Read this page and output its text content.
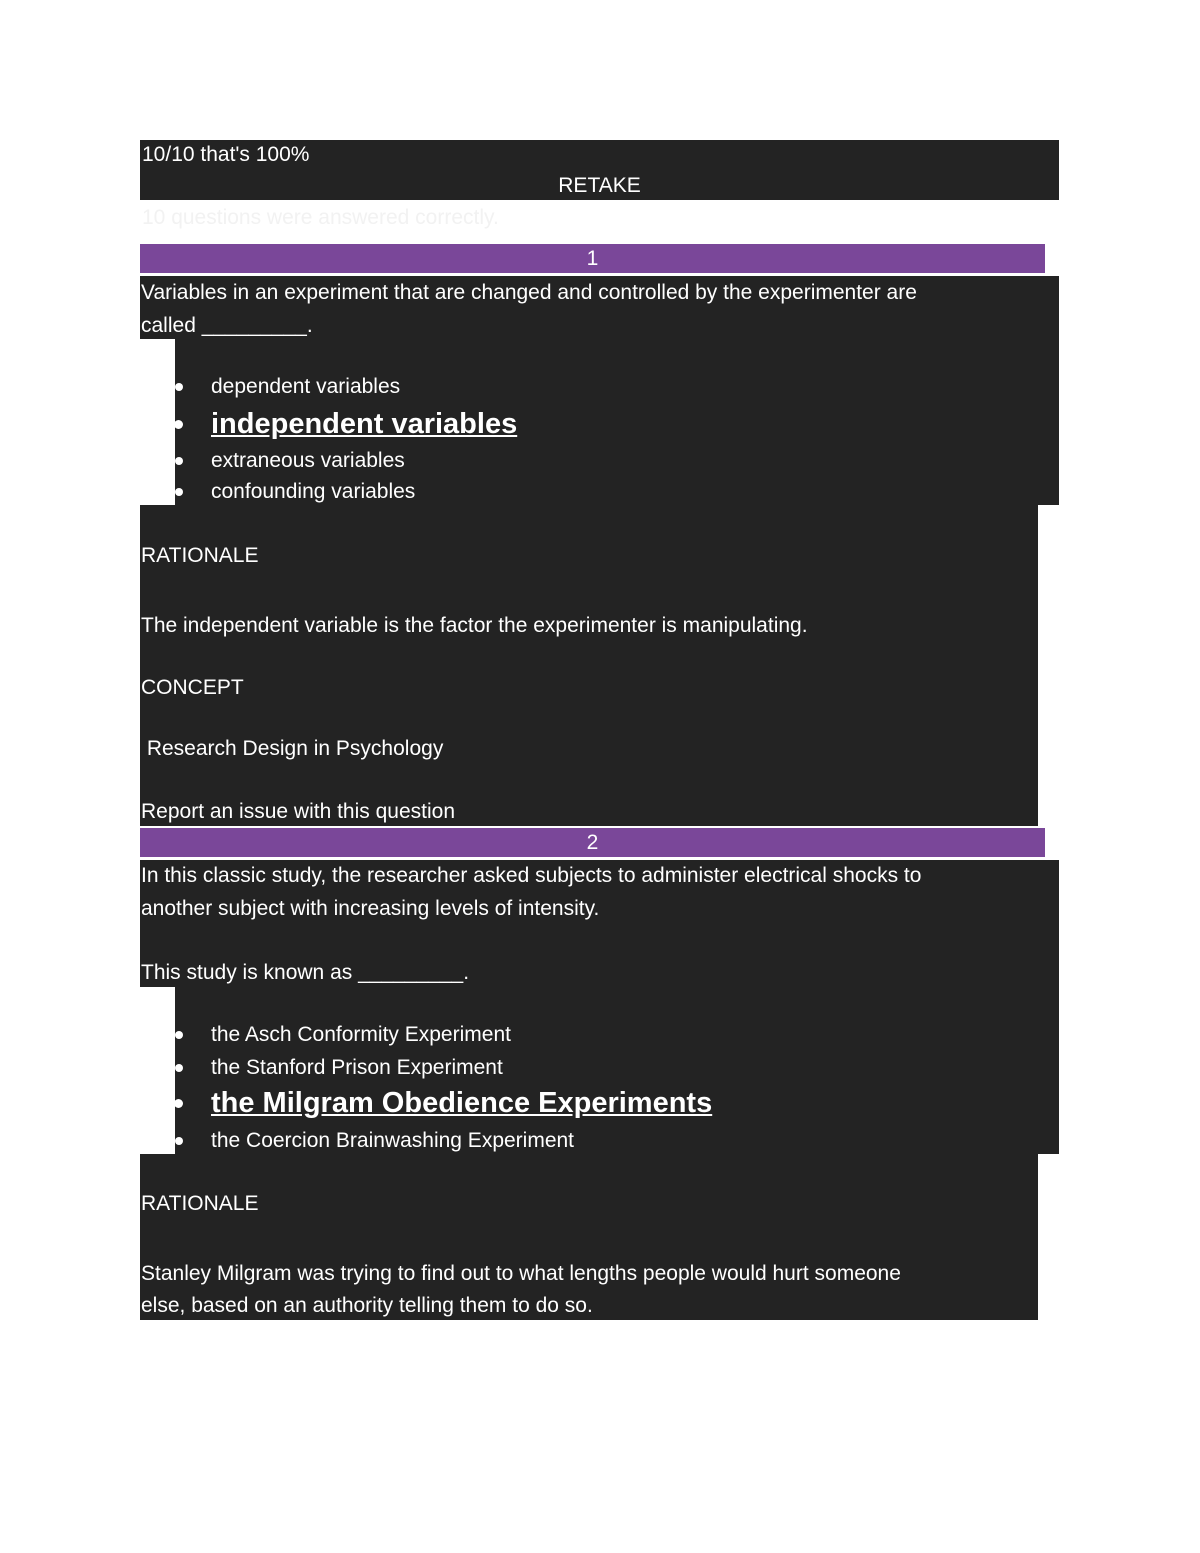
10/10 that's 100%
RETAKE
10 questions were answered correctly.
1
Variables in an experiment that are changed and controlled by the experimenter are
called _________.
dependent variables
independent variables
extraneous variables
confounding variables
RATIONALE
The independent variable is the factor the experimenter is manipulating.
CONCEPT
Research Design in Psychology
Report an issue with this question
2
In this classic study, the researcher asked subjects to administer electrical shocks to
another subject with increasing levels of intensity.
This study is known as _________.
the Asch Conformity Experiment
the Stanford Prison Experiment
the Milgram Obedience Experiments
the Coercion Brainwashing Experiment
RATIONALE
Stanley Milgram was trying to find out to what lengths people would hurt someone
else, based on an authority telling them to do so.
